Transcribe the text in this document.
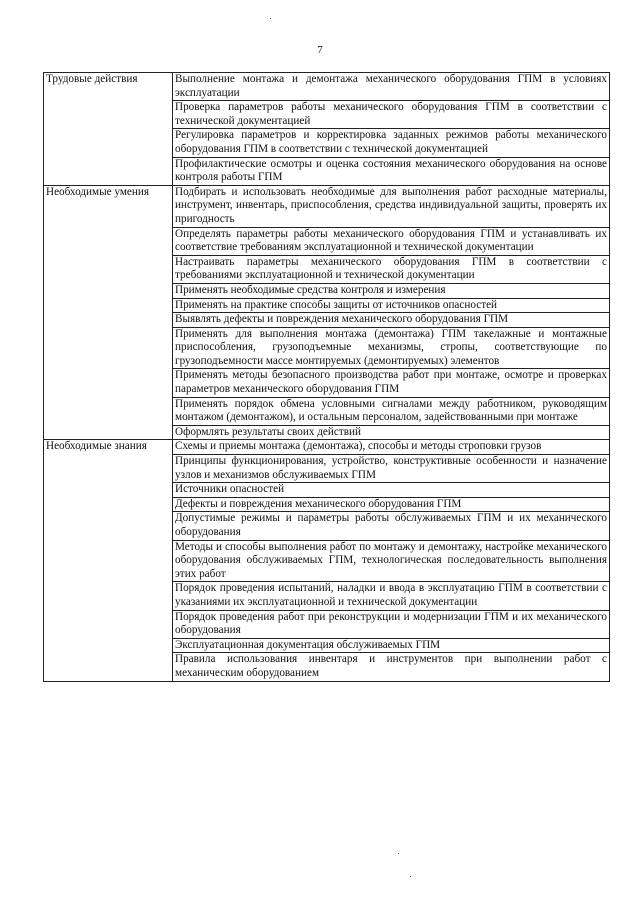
7
Трудовые действия	Выполнение монтажа и демонтажа механического оборудования ГПМ в условиях эксплуатации
	Проверка параметров работы механического оборудования ГПМ в соответствии с технической документацией
	Регулировка параметров и корректировка заданных режимов работы механического оборудования ГПМ в соответствии с технической документацией
	Профилактические осмотры и оценка состояния механического оборудования на основе контроля работы ГПМ
Необходимые умения	Подбирать и использовать необходимые для выполнения работ расходные материалы, инструмент, инвентарь, приспособления, средства индивидуальной защиты, проверять их пригодность
	Определять параметры работы механического оборудования ГПМ и устанавливать их соответствие требованиям эксплуатационной и технической документации
	Настраивать параметры механического оборудования ГПМ в соответствии с требованиями эксплуатационной и технической документации
	Применять необходимые средства контроля и измерения
	Применять на практике способы защиты от источников опасностей
	Выявлять дефекты и повреждения механического оборудования ГПМ
	Применять для выполнения монтажа (демонтажа) ГПМ такелажные и монтажные приспособления, грузоподъемные механизмы, стропы, соответствующие по грузоподъемности массе монтируемых (демонтируемых) элементов
	Применять методы безопасного производства работ при монтаже, осмотре и проверках параметров механического оборудования ГПМ
	Применять порядок обмена условными сигналами между работником, руководящим монтажом (демонтажом), и остальным персоналом, задействованными при монтаже
	Оформлять результаты своих действий
Необходимые знания	Схемы и приемы монтажа (демонтажа), способы и методы строповки грузов
	Принципы функционирования, устройство, конструктивные особенности и назначение узлов и механизмов обслуживаемых ГПМ
	Источники опасностей
	Дефекты и повреждения механического оборудования ГПМ
	Допустимые режимы и параметры работы обслуживаемых ГПМ и их механического оборудования
	Методы и способы выполнения работ по монтажу и демонтажу, настройке механического оборудования обслуживаемых ГПМ, технологическая последовательность выполнения этих работ
	Порядок проведения испытаний, наладки и ввода в эксплуатацию ГПМ в соответствии с указаниями их эксплуатационной и технической документации
	Порядок проведения работ при реконструкции и модернизации ГПМ и их механического оборудования
	Эксплуатационная документация обслуживаемых ГПМ
	Правила использования инвентаря и инструментов при выполнении работ с механическим оборудованием
